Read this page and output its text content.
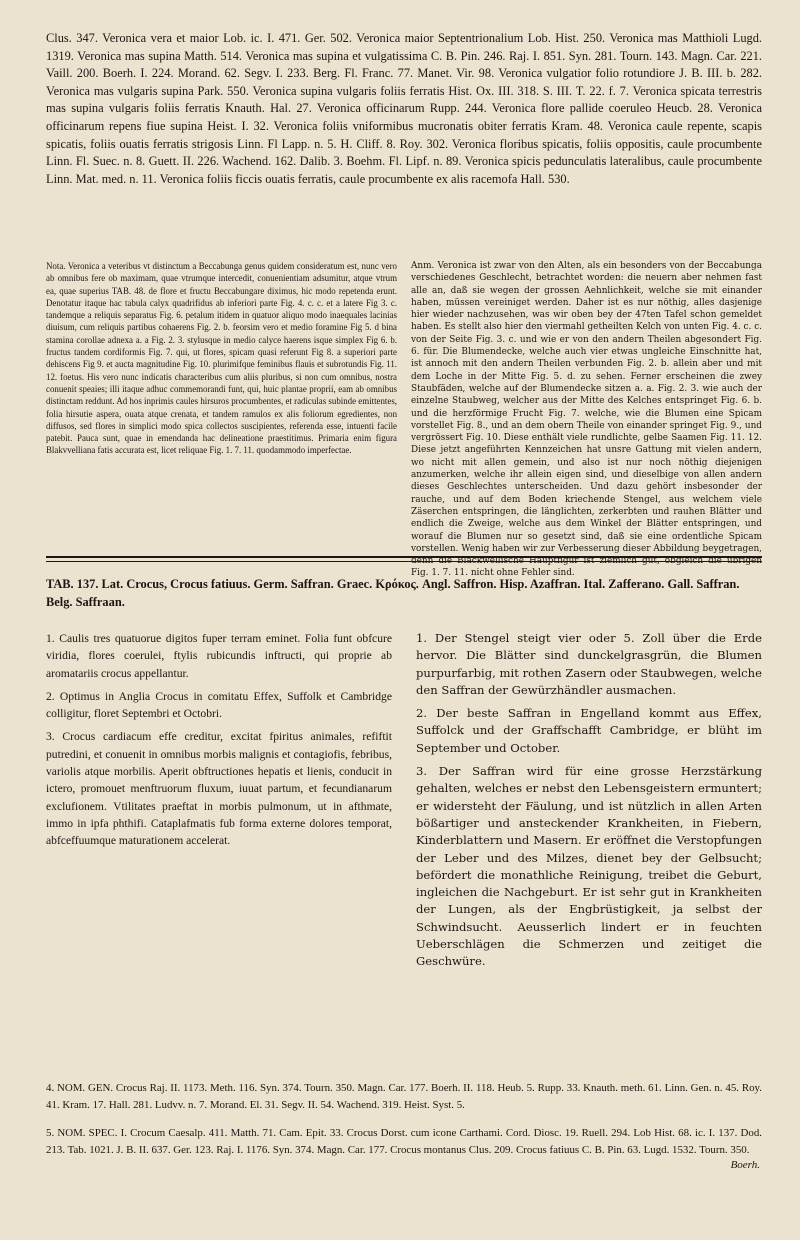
Clus. 347. Veronica vera et maior Lob. ic. I. 471. Ger. 502. Veronica maior Septentrionalium Lob. Hist. 250. Veronica mas Matthioli Lugd. 1319. Veronica mas supina Matth. 514. Veronica mas supina et vulgatissima C. B. Pin. 246. Raj. I. 851. Syn. 281. Tourn. 143. Magn. Car. 221. Vaill. 200. Boerh. I. 224. Morand. 62. Segv. I. 233. Berg. Fl. Franc. 77. Manet. Vir. 98. Veronica vulgatior folio rotundiore J. B. III. b. 282. Veronica mas vulgaris supina Park. 550. Veronica supina vulgaris foliis ferratis Hist. Ox. III. 318. S. III. T. 22. f. 7. Veronica spicata terrestris mas supina vulgaris foliis ferratis Knauth. Hal. 27. Veronica officinarum Rupp. 244. Veronica flore pallide coeruleo Heucb. 28. Veronica officinarum repens fiue supina Heist. I. 32. Veronica foliis vniformibus mucronatis obiter ferratis Kram. 48. Veronica caule repente, scapis spicatis, foliis ouatis ferratis strigosis Linn. Fl Lapp. n. 5. H. Cliff. 8. Roy. 302. Veronica floribus spicatis, foliis oppositis, caule procumbente Linn. Fl. Suec. n. 8. Guett. II. 226. Wachend. 162. Dalib. 3. Boehm. Fl. Lipf. n. 89. Veronica spicis pedunculatis lateralibus, caule procumbente Linn. Mat. med. n. 11. Veronica foliis ficcis ouatis ferratis, caule procumbente ex alis racemofa Hall. 530.

Nota. Veronica a veteribus vt distinctum a Beccabunga genus quidem consideratum est, nunc vero ab omnibus fere ob maximam, quae vtrumque intercedit, conuenientiam adsumitur, atque vtrum ea, quae superius TAB. 48. de flore et fructu Beccabungare diximus, hic modo repetenda erunt. Denotatur itaque hac tabula calyx quadrifidus ab inferiori parte Fig. 4. c. c. et a latere Fig 3. c. tandemque a reliquis separatus Fig. 6. petalum itidem in quatuor aliquo modo inaequales lacinias diuisum, cum reliquis partibus cohaerens Fig. 2. b. feorsim vero et medio foramine Fig 5. d bina stamina corollae adnexa a. a Fig. 2. 3. stylusque in medio calyce haerens isque simplex Fig 6. b. fructus tandem cordiformis Fig. 7. qui, ut flores, spicam quasi referunt Fig 8. a superiori parte dehiscens Fig 9. et aucta magnitudine Fig. 10. plurimifque feminibus flauis et subrotundis Fig. 11. 12. foetus. His vero nunc indicatis characteribus cum aliis pluribus, si non cum omnibus, nostra conuenit speaies; illi itaque adhuc commemorandi funt, qui, huic plantae proprii, eam ab omnibus distinctam reddunt. Ad hos inprimis caules hirsuros procumbentes, et radiculas subinde emittentes, folia hirsutie aspera, ouata atque crenata, et tandem ramulos ex alis foliorum egredientes, non diffusos, sed flores in simplici modo spica collectos suscipientes, referenda esse, intuenti facile patebit. Pauca sunt, quae in emendanda hac delineatione praestitimus. Primaria enim figura Blakvvelliana fatis accurata est, licet reliquae Fig. 1. 7. 11. quodammodo imperfectae.
Anm. Veronica ist zwar von den Alten, als ein besonders von der Beccabunga verschiedenes Geschlecht, betrachtet worden: die neuern aber nehmen fast alle an, daß sie wegen der grossen Aehnlichkeit, welche sie mit einander haben, müssen vereiniget werden. Daher ist es nur nöthig, alles dasjenige hier wieder nachzusehen, was wir oben bey der 47ten Tafel schon gemeldet haben. Es stellt also hier den viermahl getheilten Kelch von unten Fig. 4. c. c. von der Seite Fig. 3. c. und wie er von den andern Theilen abgesondert Fig. 6. für. Die Blumendecke, welche auch vier etwas ungleiche Einschnitte hat, ist annoch mit den andern Theilen verbunden Fig. 2. b. allein aber und mit dem Loche in der Mitte Fig. 5. d. zu sehen. Ferner erscheinen die zwey Staubfäden, welche auf der Blumendecke sitzen a. a. Fig. 2. 3. wie auch der einzelne Staubweg, welcher aus der Mitte des Kelches entspringet Fig. 6. b. und die herzförmige Frucht Fig. 7. welche, wie die Blumen eine Spicam vorstellet Fig. 8., und an dem obern Theile von einander springet Fig. 9., und vergrössert Fig. 10. Diese enthält viele rundlichte, gelbe Saamen Fig. 11. 12. Diese jetzt angeführten Kennzeichen hat unsre Gattung mit vielen andern, wo nicht mit allen gemein, und also ist nur noch nöthig diejenigen anzumerken, welche ihr allein eigen sind, und dieselbige von allen andern dieses Geschlechtes unterscheiden. Und dazu gehört insbesonder der rauche, und auf dem Boden kriechende Stengel, aus welchem viele Zäserchen entspringen, die länglichten, zerkerbten und rauhen Blätter und endlich die Zweige, welche aus dem Winkel der Blätter entspringen, und worauf die Blumen nur so gesetzt sind, daß sie eine ordentliche Spicam vorstellen. Wenig haben wir zur Verbesserung dieser Abbildung beygetragen, denn die Blackwellische Hauptfigur ist ziemlich gut, obgleich die übrigen Fig. 1. 7. 11. nicht ohne Fehler sind.

TAB. 137. Lat. Crocus, Crocus fatiuus. Germ. Saffran. Graec. Κρόκος. Angl. Saffron. Hisp. Azaffran. Ital. Zafferano. Gall. Saffran. Belg. Saffraan.

1. Caulis tres quatuorue digitos fuper terram eminet. Folia funt obfcure viridia, flores coerulei, ftylis rubicundis inftructi, qui proprie ab aromatariis crocus appellantur.

2. Optimus in Anglia Crocus in comitatu Effex, Suffolk et Cambridge colligitur, floret Septembri et Octobri.

3. Crocus cardiacum effe creditur, excitat fpiritus animales, refiftit putredini, et conuenit in omnibus morbis malignis et contagiofis, febribus, variolis atque morbilis. Aperit obftructiones hepatis et lienis, conducit in ictero, promouet menftruorum fluxum, iuuat partum, et fecundianarum exclufionem. Vtilitates praeftat in morbis pulmonum, ut in afthmate, immo in ipfa phthifi. Cataplafmatis fub forma externe dolores temporat, abfceffuumque maturationem accelerat.

1. Der Stengel steigt vier oder 5. Zoll über die Erde hervor. Die Blätter sind dunckelgrasgrün, die Blumen purpurfarbig, mit rothen Zasern oder Staubwegen, welche den Saffran der Gewürzhändler ausmachen.

2. Der beste Saffran in Engelland kommt aus Effex, Suffolck und der Graffschafft Cambridge, er blüht im September und October.

3. Der Saffran wird für eine grosse Herzstärkung gehalten, welches er nebst den Lebensgeistern ermuntert; er widersteht der Fäulung, und ist nützlich in allen Arten bößartiger und ansteckender Krankheiten, in Fiebern, Kinderblattern und Masern. Er eröffnet die Verstopfungen der Leber und des Milzes, dienet bey der Gelbsucht; befördert die monathliche Reinigung, treibet die Geburt, ingleichen die Nachgeburt. Er ist sehr gut in Krankheiten der Lungen, als der Engbrüstigkeit, ja selbst der Schwindsucht. Aeusserlich lindert er in feuchten Ueberschlägen die Schmerzen und zeitiget die Geschwüre.

4. NOM. GEN. Crocus Raj. II. 1173. Meth. 116. Syn. 374. Tourn. 350. Magn. Car. 177. Boerh. II. 118. Heub. 5. Rupp. 33. Knauth. meth. 61. Linn. Gen. n. 45. Roy. 41. Kram. 17. Hall. 281. Ludvv. n. 7. Morand. El. 31. Segv. II. 54. Wachend. 319. Heist. Syst. 5.

5. NOM. SPEC. I. Crocum Caesalp. 411. Matth. 71. Cam. Epit. 33. Crocus Dorst. cum icone Carthami. Cord. Diosc. 19. Ruell. 294. Lob Hist. 68. ic. I. 137. Dod. 213. Tab. 1021. J. B. II. 637. Ger. 123. Raj. I. 1176. Syn. 374. Magn. Car. 177. Crocus montanus Clus. 209. Crocus fatiuus C. B. Pin. 63. Lugd. 1532. Tourn. 350.

Boerh.
